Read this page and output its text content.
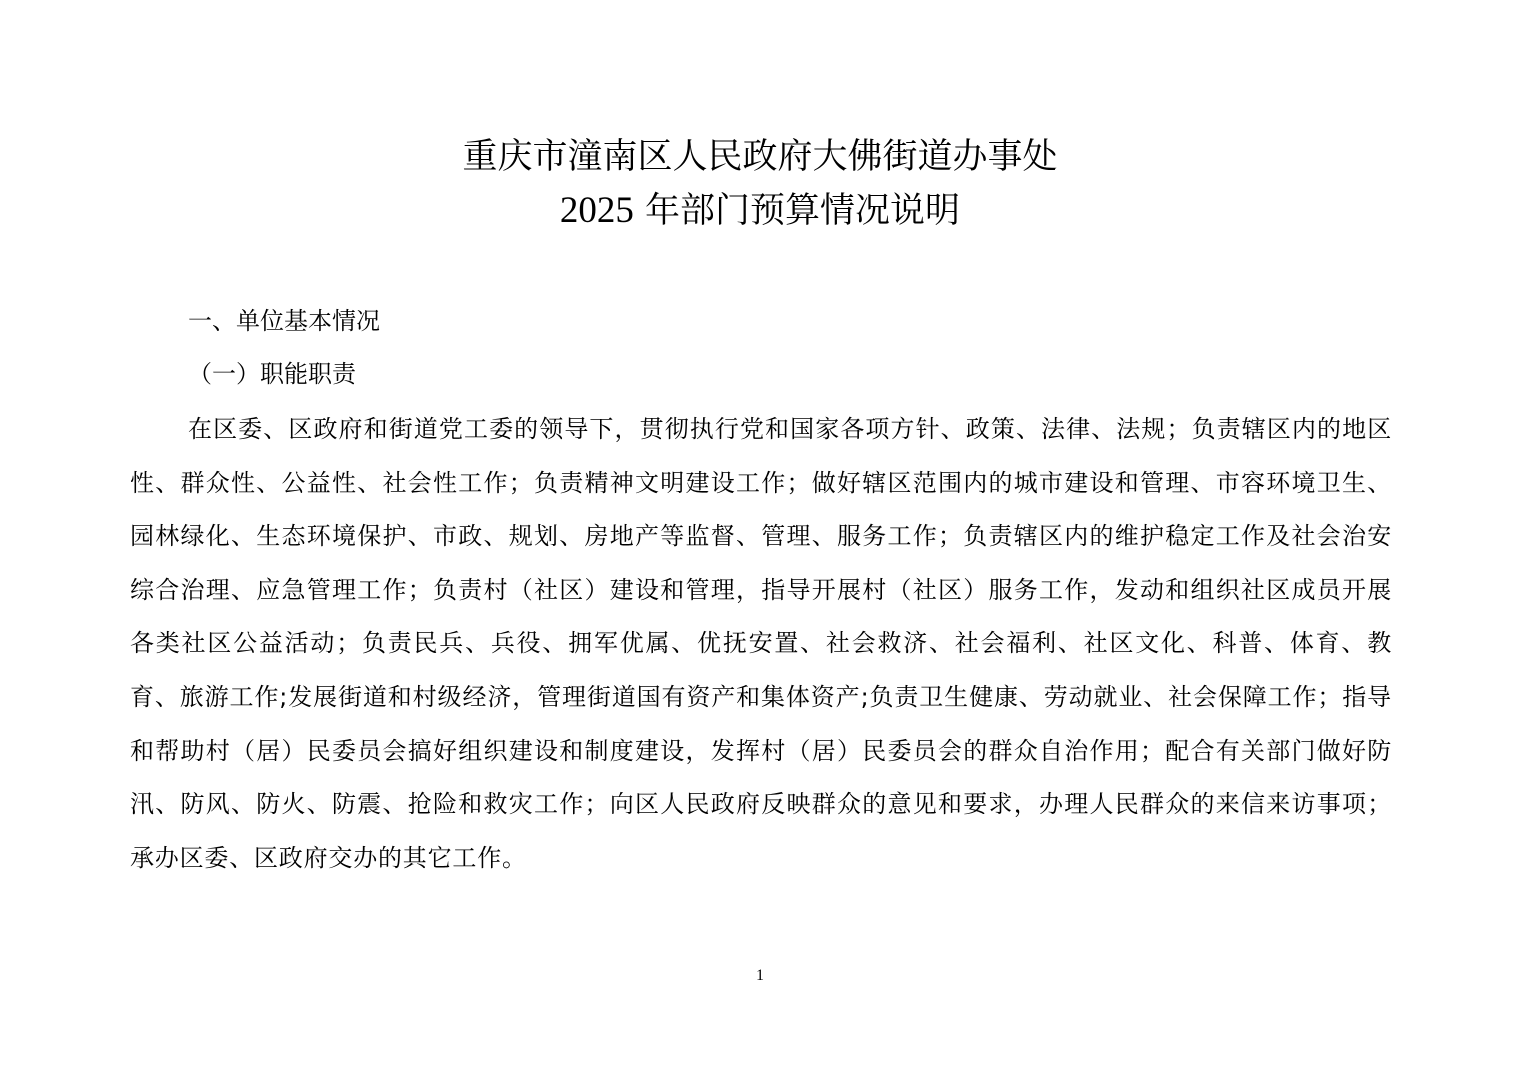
重庆市潼南区人民政府大佛街道办事处
2025 年部门预算情况说明
一、单位基本情况
（一）职能职责

在区委、区政府和街道党工委的领导下，贯彻执行党和国家各项方针、政策、法律、法规；负责辖区内的地区性、群众性、公益性、社会性工作；负责精神文明建设工作；做好辖区范围内的城市建设和管理、市容环境卫生、园林绿化、生态环境保护、市政、规划、房地产等监督、管理、服务工作；负责辖区内的维护稳定工作及社会治安综合治理、应急管理工作；负责村（社区）建设和管理，指导开展村（社区）服务工作，发动和组织社区成员开展各类社区公益活动；负责民兵、兵役、拥军优属、优抚安置、社会救济、社会福利、社区文化、科普、体育、教育、旅游工作;发展街道和村级经济，管理街道国有资产和集体资产;负责卫生健康、劳动就业、社会保障工作；指导和帮助村（居）民委员会搞好组织建设和制度建设，发挥村（居）民委员会的群众自治作用；配合有关部门做好防汛、防风、防火、防震、抢险和救灾工作；向区人民政府反映群众的意见和要求，办理人民群众的来信来访事项；承办区委、区政府交办的其它工作。

1
